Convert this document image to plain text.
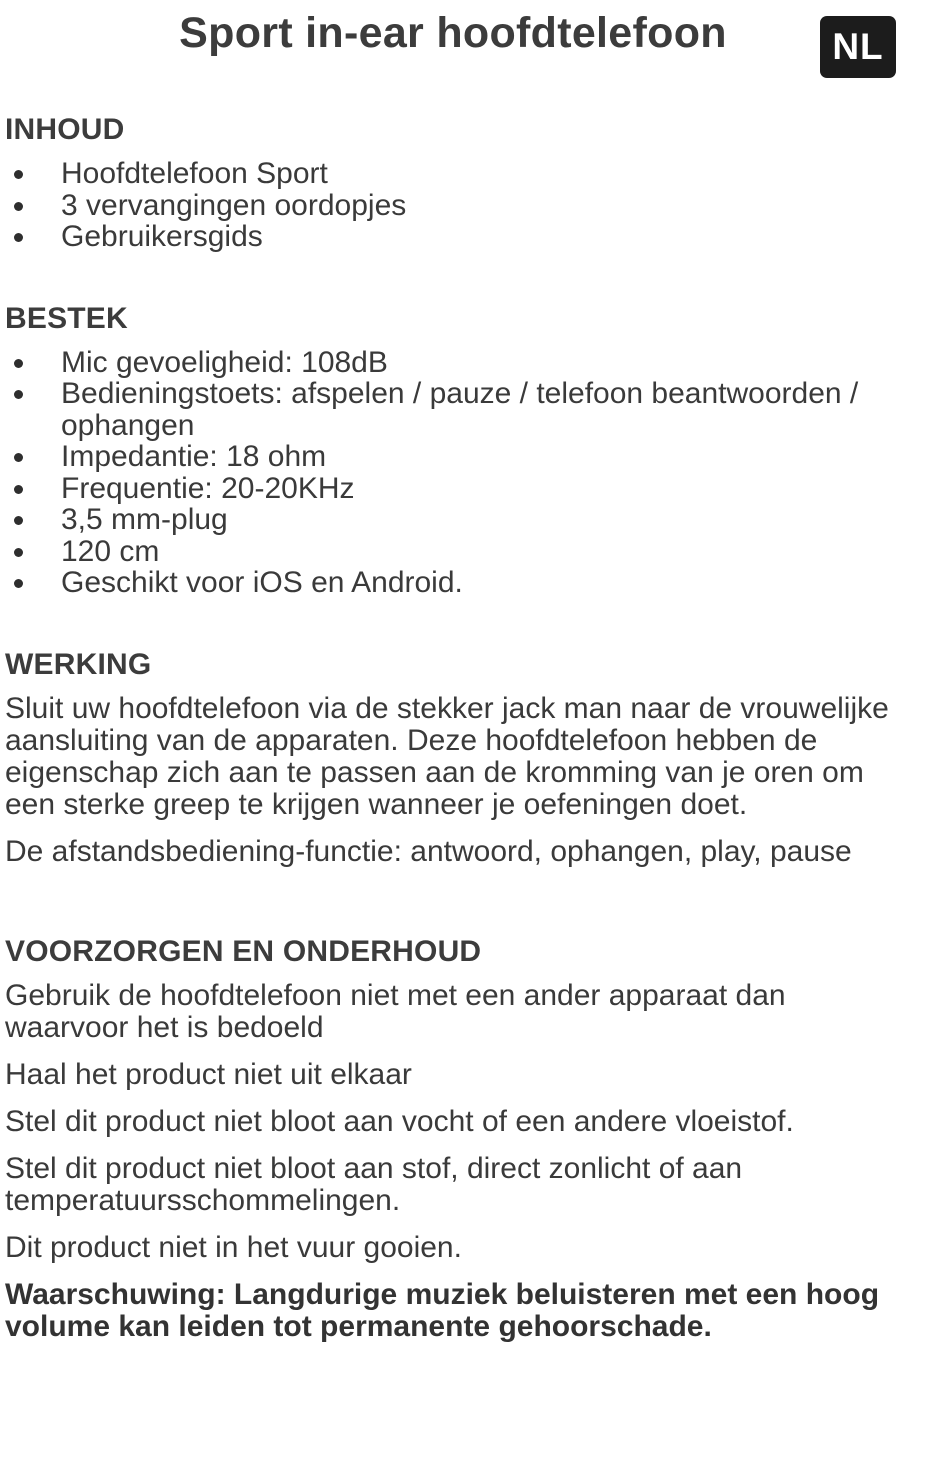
Sport in-ear hoofdtelefoon	NL
INHOUD
Hoofdtelefoon Sport
3 vervangingen oordopjes
Gebruikersgids
BESTEK
Mic gevoeligheid: 108dB
Bedieningstoets: afspelen / pauze / telefoon beantwoorden / ophangen
Impedantie: 18 ohm
Frequentie: 20-20KHz
3,5 mm-plug
120 cm
Geschikt voor iOS en Android.
WERKING

Sluit uw hoofdtelefoon via de stekker jack man naar de vrouwelijke aansluiting van de apparaten. Deze hoofdtelefoon hebben de eigenschap zich aan te passen aan de kromming van je oren om een sterke greep te krijgen wanneer je oefeningen doet.

De afstandsbediening-functie: antwoord, ophangen, play, pause

VOORZORGEN EN ONDERHOUD

Gebruik de hoofdtelefoon niet met een ander apparaat dan waarvoor het is bedoeld

Haal het product niet uit elkaar

Stel dit product niet bloot aan vocht of een andere vloeistof.

Stel dit product niet bloot aan stof, direct zonlicht of aan temperatuursschommelingen.

Dit product niet in het vuur gooien.

Waarschuwing: Langdurige muziek beluisteren met een hoog volume kan leiden tot permanente gehoorschade.
